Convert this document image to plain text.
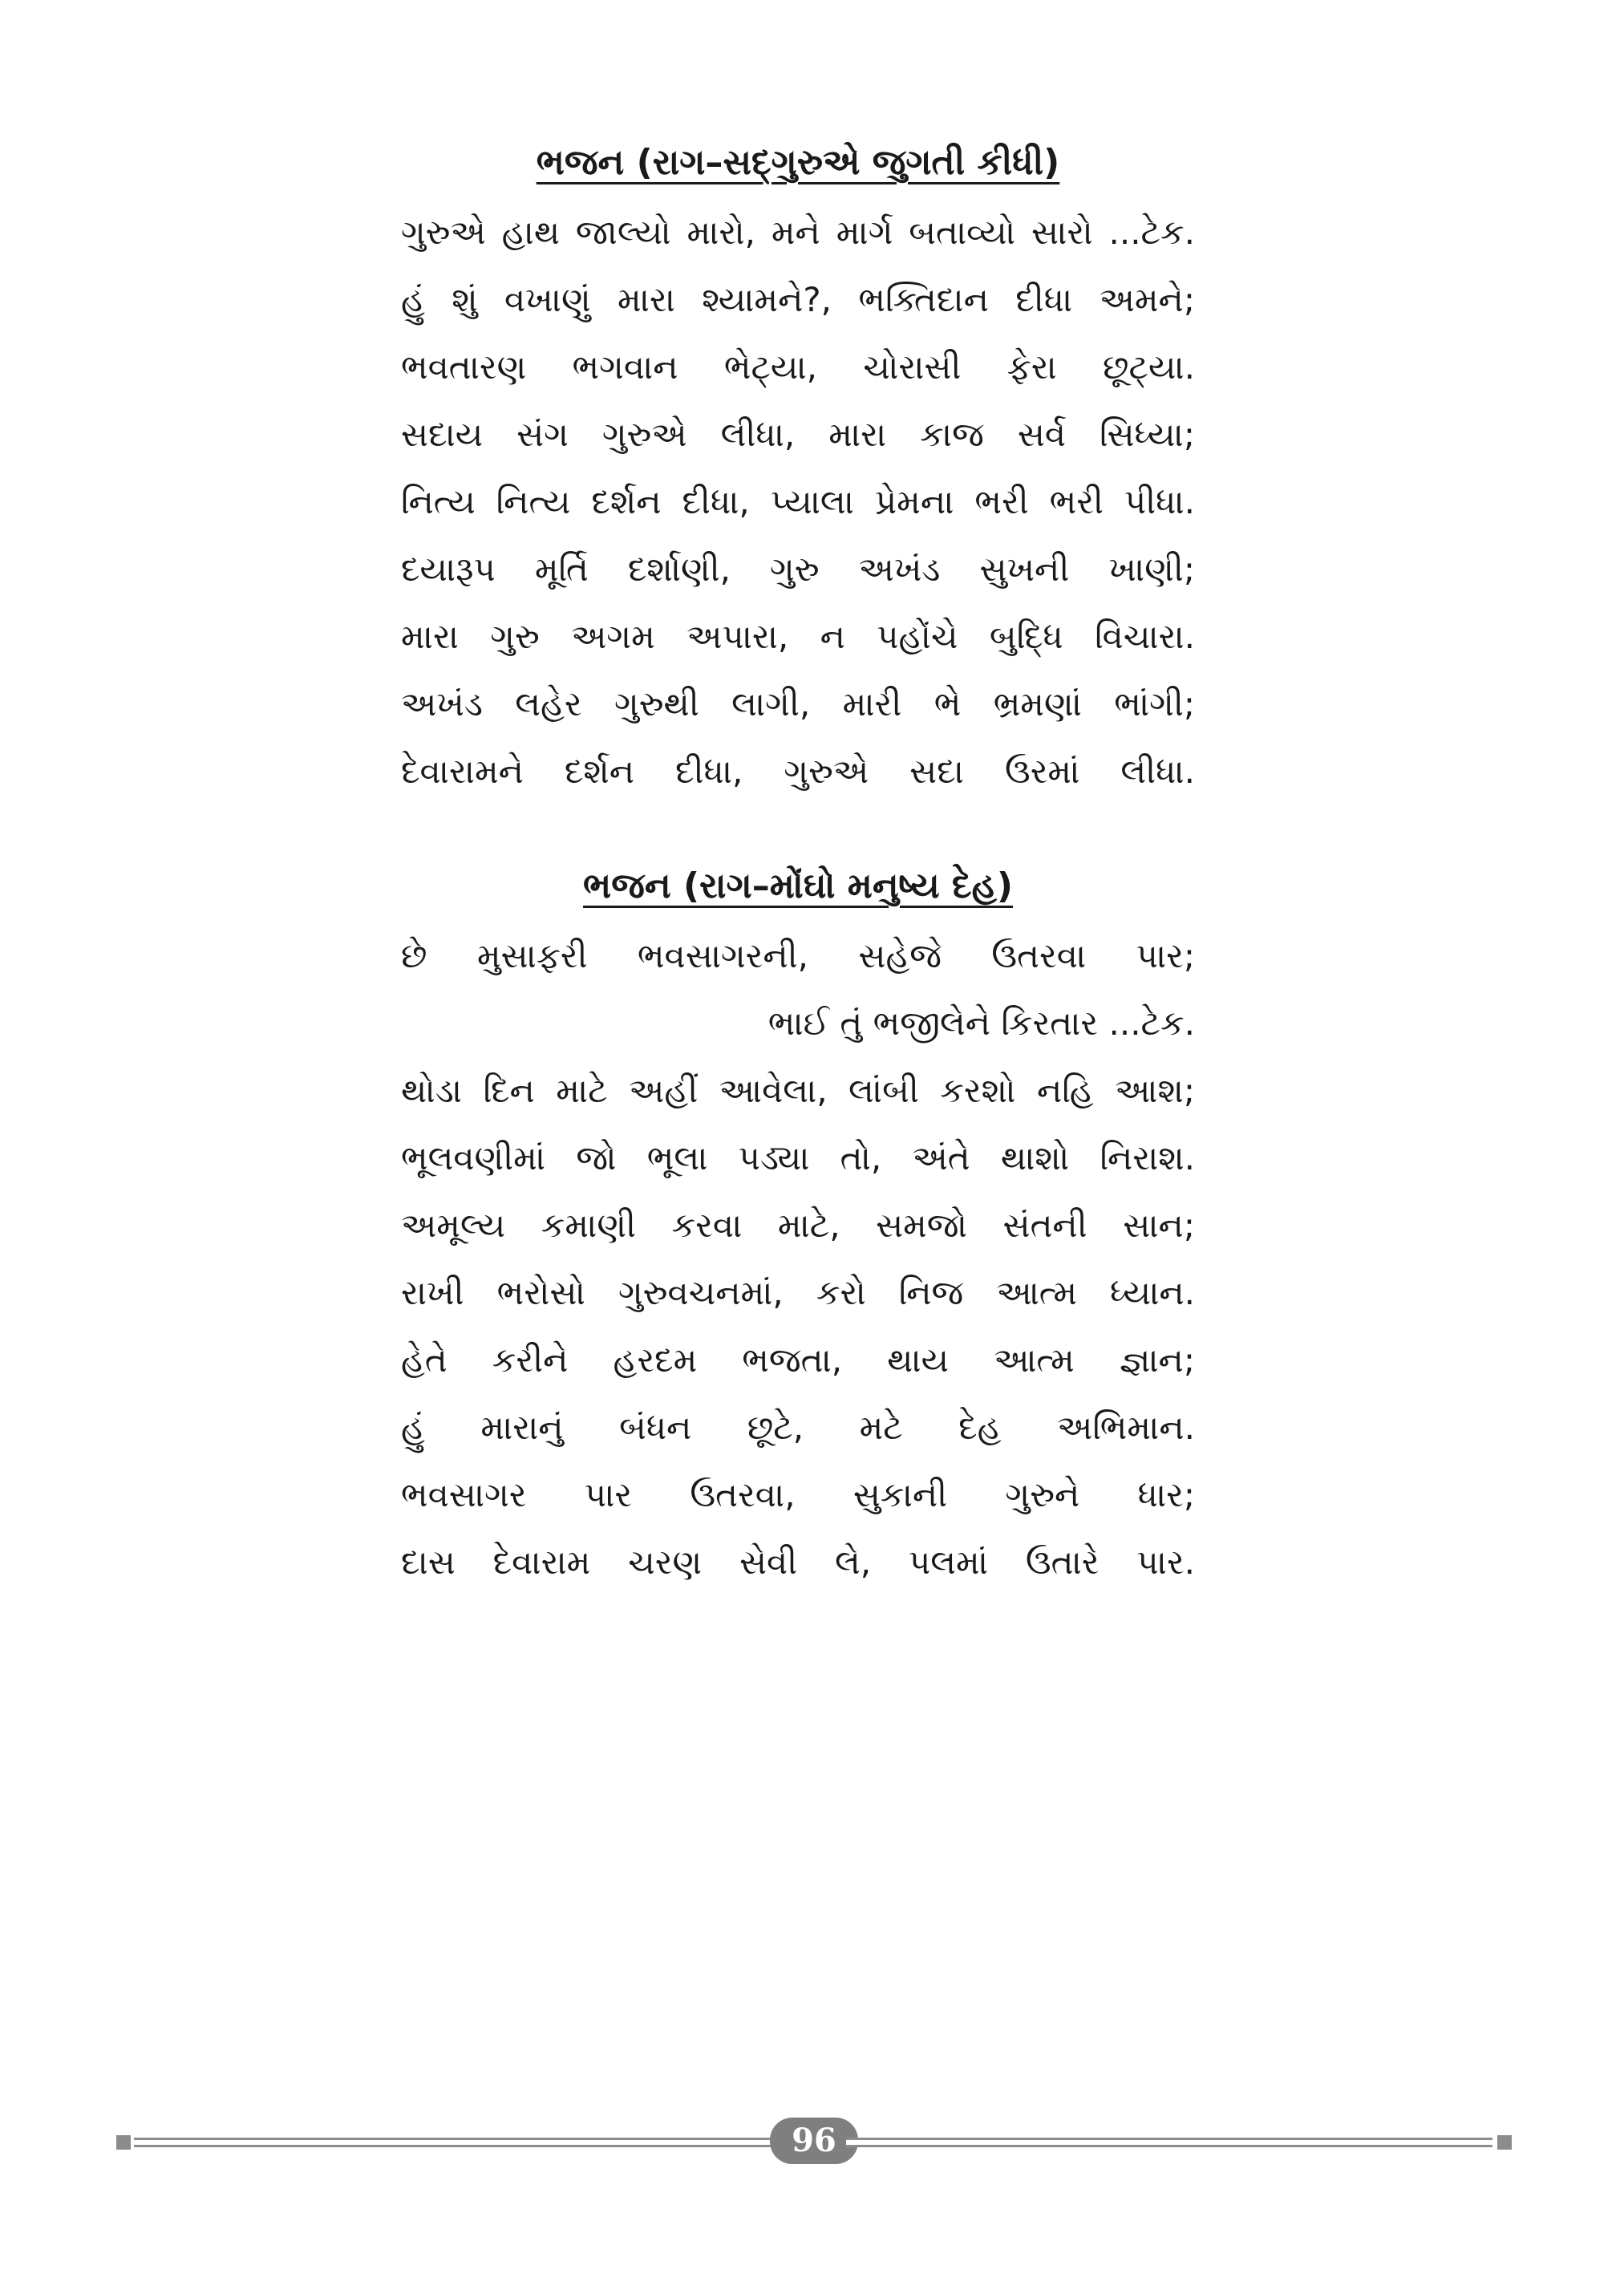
ભજન (રાગ–સદ્‌ગુરુએ જુગતી કીધી)
ગુરુએ હાથ જાલ્યો મારો, મને માર્ગ બતાવ્યો સારો ...ટેક.
હું શું વખાણું મારા શ્યામને?, ભક્તિદાન દીધા અમને;
ભવતારણ ભગવાન ભેટ્યા, ચોરાસી ફેરા છૂટ્યા.
સદાય સંગ ગુરુએ લીધા, મારા કાજ સર્વ સિધ્યા;
નિત્ય નિત્ય દર્શન દીધા, પ્યાલા પ્રેમના ભરી ભરી પીધા.
દયારૂપ મૂર્તિ દર્શાણી, ગુરુ અખંડ સુખની ખાણી;
મારા ગુરુ અગમ અપારા, ન પહોંચે બુદ્ધિ વિચારા.
અખંડ લહેર ગુરુથી લાગી, મારી ભે ભ્રમણાં ભાંગી;
દેવારામને દર્શન દીધા, ગુરુએ સદા ઉરમાં લીધા.
ભજન (રાગ–મોંઘો મનુષ્ય દેહ)
છે મુસાફરી ભવસાગરની, સહેજે ઉતરવા પાર;
ભાઈ તું ભજીલેને કિરતાર ...ટેક.
થોડા દિન માટે અહીં આવેલા, લાંબી કરશો નહિ આશ;
ભૂલવણીમાં જો ભૂલા પડ્યા તો, અંતે થાશો નિરાશ.
અમૂલ્ય કમાણી કરવા માટે, સમજો સંતની સાન;
રાખી ભરોસો ગુરુવચનમાં, કરો નિજ આત્મ ધ્યાન.
હેતે કરીને હરદમ ભજતા, થાય આત્મ જ્ઞાન;
હું મારાનું બંધન છૂટે, મટે દેહ અભિમાન.
ભવસાગર પાર ઉતરવા, સુકાની ગુરુને ધાર;
દાસ દેવારામ ચરણ સેવી લે, પલમાં ઉતારે પાર.
96
